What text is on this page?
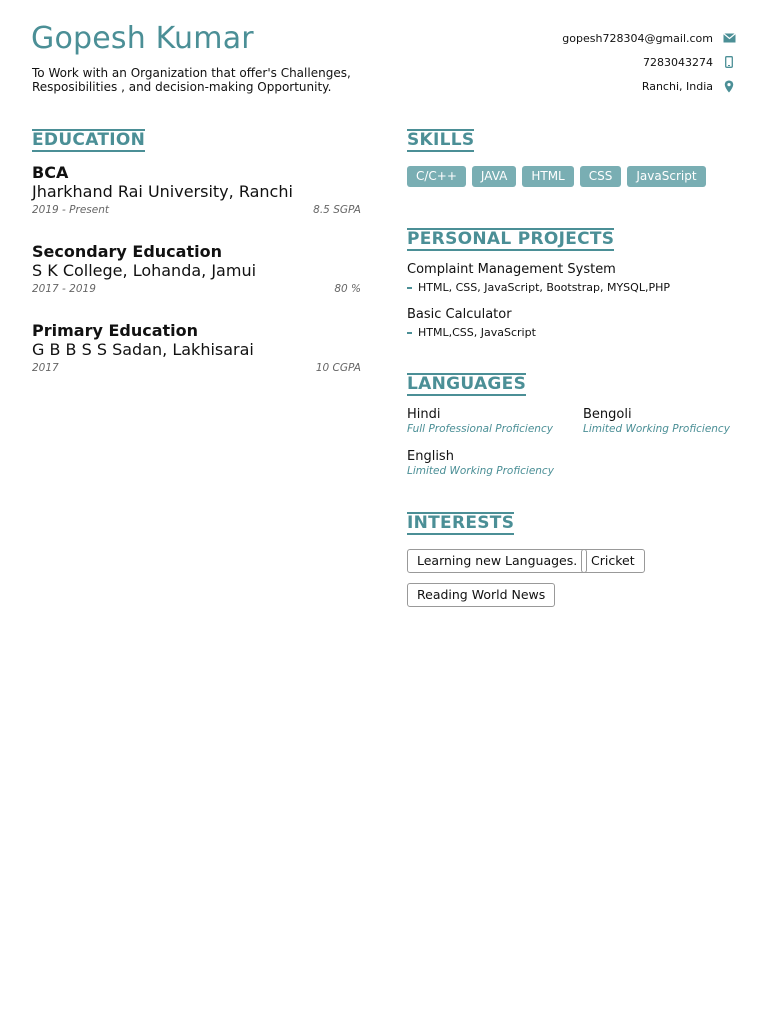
Gopesh Kumar
To Work with an Organization that offer's Challenges, Resposibilities , and decision-making Opportunity.
gopesh728304@gmail.com
7283043274
Ranchi, India
EDUCATION
BCA
Jharkhand Rai University, Ranchi
2019 - Present	8.5 SGPA
Secondary Education
S K College, Lohanda, Jamui
2017 - 2019	80 %
Primary Education
G B B S S Sadan, Lakhisarai
2017	10 CGPA
SKILLS
C/C++	JAVA	HTML	CSS	JavaScript
PERSONAL PROJECTS
Complaint Management System
HTML, CSS, JavaScript, Bootstrap, MYSQL,PHP
Basic Calculator
HTML,CSS, JavaScript
LANGUAGES
Hindi
Full Professional Proficiency
Bengoli
Limited Working Proficiency
English
Limited Working Proficiency
INTERESTS
Learning new Languages.	Cricket
Reading World News
